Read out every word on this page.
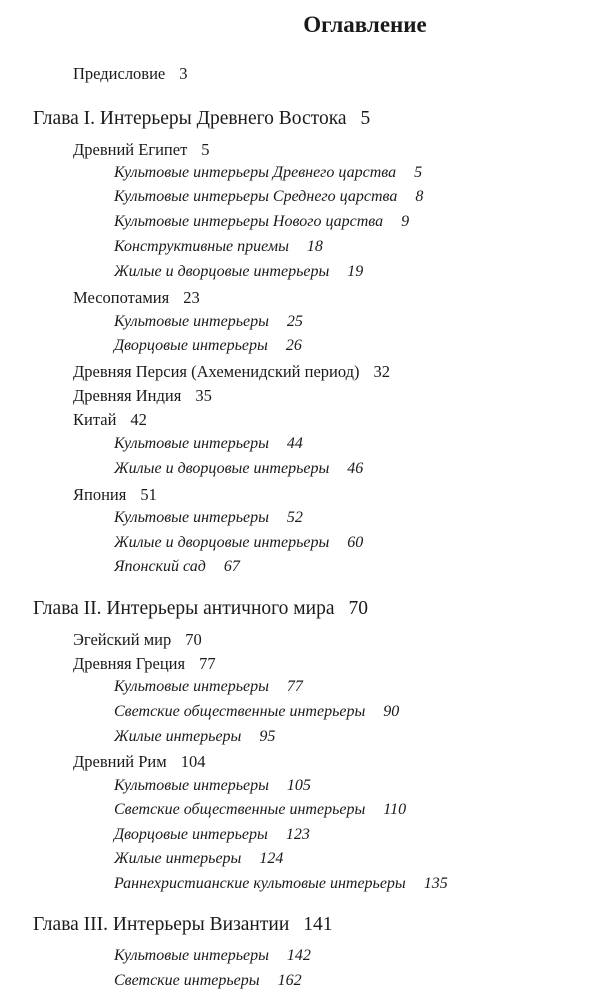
Оглавление
Предисловие 3
Глава I. Интерьеры Древнего Востока 5
Древний Египет 5
Культовые интерьеры Древнего царства 5
Культовые интерьеры Среднего царства 8
Культовые интерьеры Нового царства 9
Конструктивные приемы 18
Жилые и дворцовые интерьеры 19
Месопотамия 23
Культовые интерьеры 25
Дворцовые интерьеры 26
Древняя Персия (Ахеменидский период) 32
Древняя Индия 35
Китай 42
Культовые интерьеры 44
Жилые и дворцовые интерьеры 46
Япония 51
Культовые интерьеры 52
Жилые и дворцовые интерьеры 60
Японский сад 67
Глава II. Интерьеры античного мира 70
Эгейский мир 70
Древняя Греция 77
Культовые интерьеры 77
Светские общественные интерьеры 90
Жилые интерьеры 95
Древний Рим 104
Культовые интерьеры 105
Светские общественные интерьеры 110
Дворцовые интерьеры 123
Жилые интерьеры 124
Раннехристианские культовые интерьеры 135
Глава III. Интерьеры Византии 141
Культовые интерьеры 142
Светские интерьеры 162
